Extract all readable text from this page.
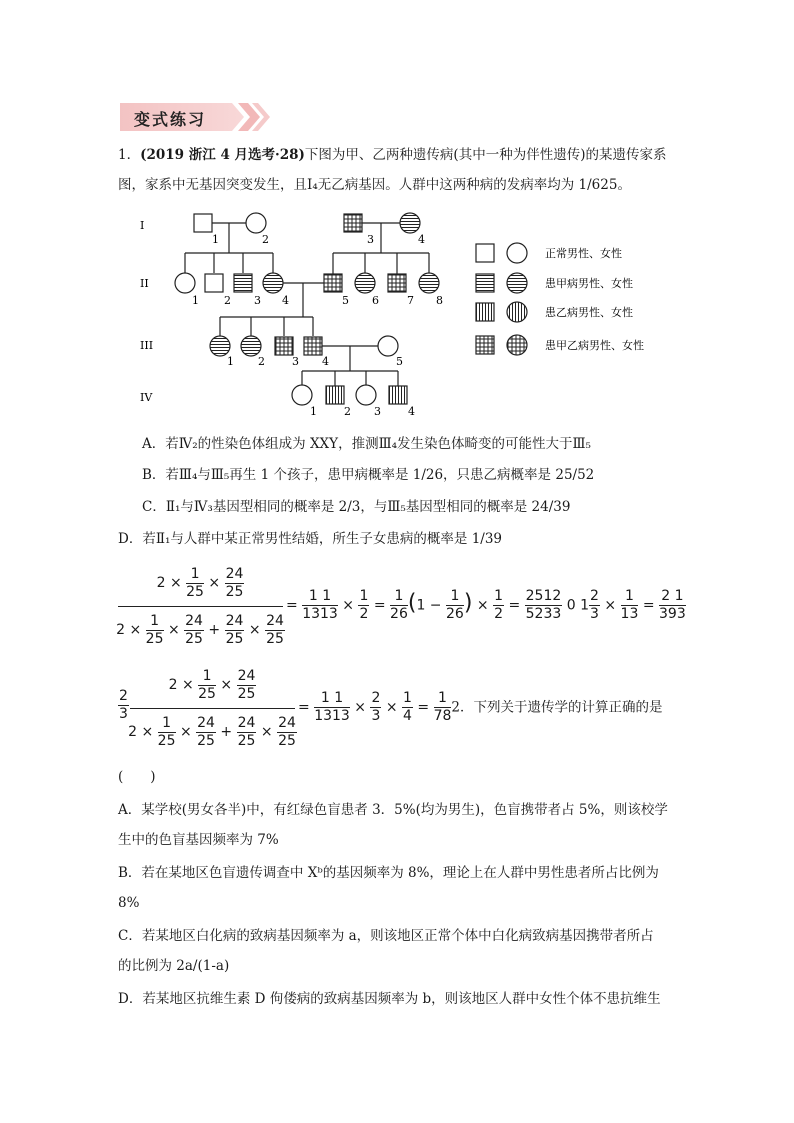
变式练习
1．(2019 浙江 4 月选考·28)下图为甲、乙两种遗传病(其中一种为伴性遗传)的某遗传家系
图，家系中无基因突变发生，且Ⅰ₄无乙病基因。人群中这两种病的发病率均为 1/625。
I
II
III
IV
1	2	3	4
1 2 3 4	5 6	7 8
1 2 3 4	5
1 2 3 4
正常男性、女性
患甲病男性、女性
患乙病男性、女性
患甲乙病男性、女性
A．若Ⅳ₂的性染色体组成为 XXY，推测Ⅲ₄发生染色体畸变的可能性大于Ⅲ₅
B．若Ⅲ₄与Ⅲ₅再生 1 个孩子，患甲病概率是 1/26，只患乙病概率是 25/52
C．Ⅱ₁与Ⅳ₃基因型相同的概率是 2/3，与Ⅲ₅基因型相同的概率是 24/39
D．若Ⅱ₁与人群中某正常男性结婚，所生子女患病的概率是 1/39
2
×
$\frac{1}{25}$
×
$\frac{24}{25}$
2
×
$\frac{1}{25}$
×
$\frac{24}{25}$
+
$\frac{24}{25}$
×
$\frac{24}{25}$
= $\frac{1 1}{1313} \times \frac{1}{2} = \frac{1}{26} (1 - \frac{1}{26}$ ) × $\frac{1}{2} = \frac{2512}{5233} 0$ $1 \frac{2}{3} \times \frac{1}{13} = \frac{2 1}{393}$
$\frac{2}{3}$
2
×
$\frac{1}{25}$
×
$\frac{24}{25}$
2
×
$\frac{1}{25}$
×
$\frac{24}{25}$
+
$\frac{24}{25}$
×
$\frac{24}{25}$
= $\frac{1 1}{1313} \times \frac{2}{3} \times \frac{1}{4} = \frac{1}{78} 2$．下列关于遗传学的计算正确的是
(　　)
A．某学校(男女各半)中，有红绿色盲患者 3．5%(均为男生)，色盲携带者占 5%，则该校学
生中的色盲基因频率为 7%
B．若在某地区色盲遗传调查中 Xᵇ的基因频率为 8%，理论上在人群中男性患者所占比例为
8%
C．若某地区白化病的致病基因频率为 a，则该地区正常个体中白化病致病基因携带者所占
的比例为 2a/(1-a)
D．若某地区抗维生素 D 佝偻病的致病基因频率为 b，则该地区人群中女性个体不患抗维生
